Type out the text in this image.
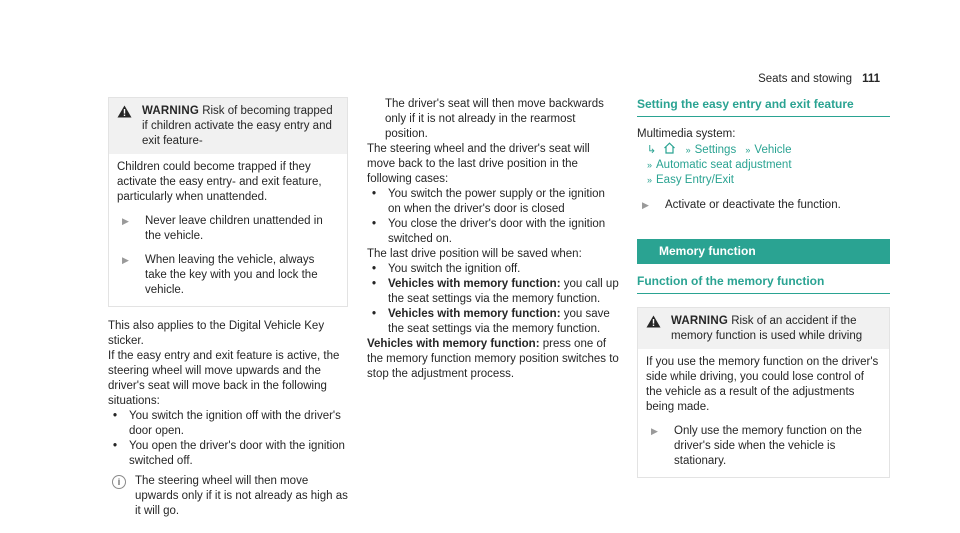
Seats and stowing 111
WARNING Risk of becoming trapped if children activate the easy entry and exit feature-

Children could become trapped if they activate the easy entry- and exit feature, particularly when unattended.

▶	Never leave children unattended in the vehicle.
▶	When leaving the vehicle, always take the key with you and lock the vehicle.

This also applies to the Digital Vehicle Key sticker.

If the easy entry and exit feature is active, the steering wheel will move upwards and the driver's seat will move back in the following situations:

•	You switch the ignition off with the driver's door open.
•	You open the driver's door with the ignition switched off.
i	The steering wheel will then move upwards only if it is not already as high as it will go.

The driver's seat will then move backwards only if it is not already in the rearmost position.

The steering wheel and the driver's seat will move back to the last drive position in the following cases:

•	You switch the power supply or the ignition on when the driver's door is closed
•	You close the driver's door with the ignition switched on.

The last drive position will be saved when:

•	You switch the ignition off.
•	Vehicles with memory function: you call up the seat settings via the memory function.
•	Vehicles with memory function: you save the seat settings via the memory function.

Vehicles with memory function: press one of the memory function memory position switches to stop the adjustment process.

Setting the easy entry and exit feature

Multimedia system:

↳	» Settings » Vehicle
» Automatic seat adjustment
» Easy Entry/Exit
▶	Activate or deactivate the function.
Memory function
Function of the memory function
WARNING Risk of an accident if the memory function is used while driving

If you use the memory function on the driver's side while driving, you could lose control of the vehicle as a result of the adjustments being made.

▶	Only use the memory function on the driver's side when the vehicle is stationary.
